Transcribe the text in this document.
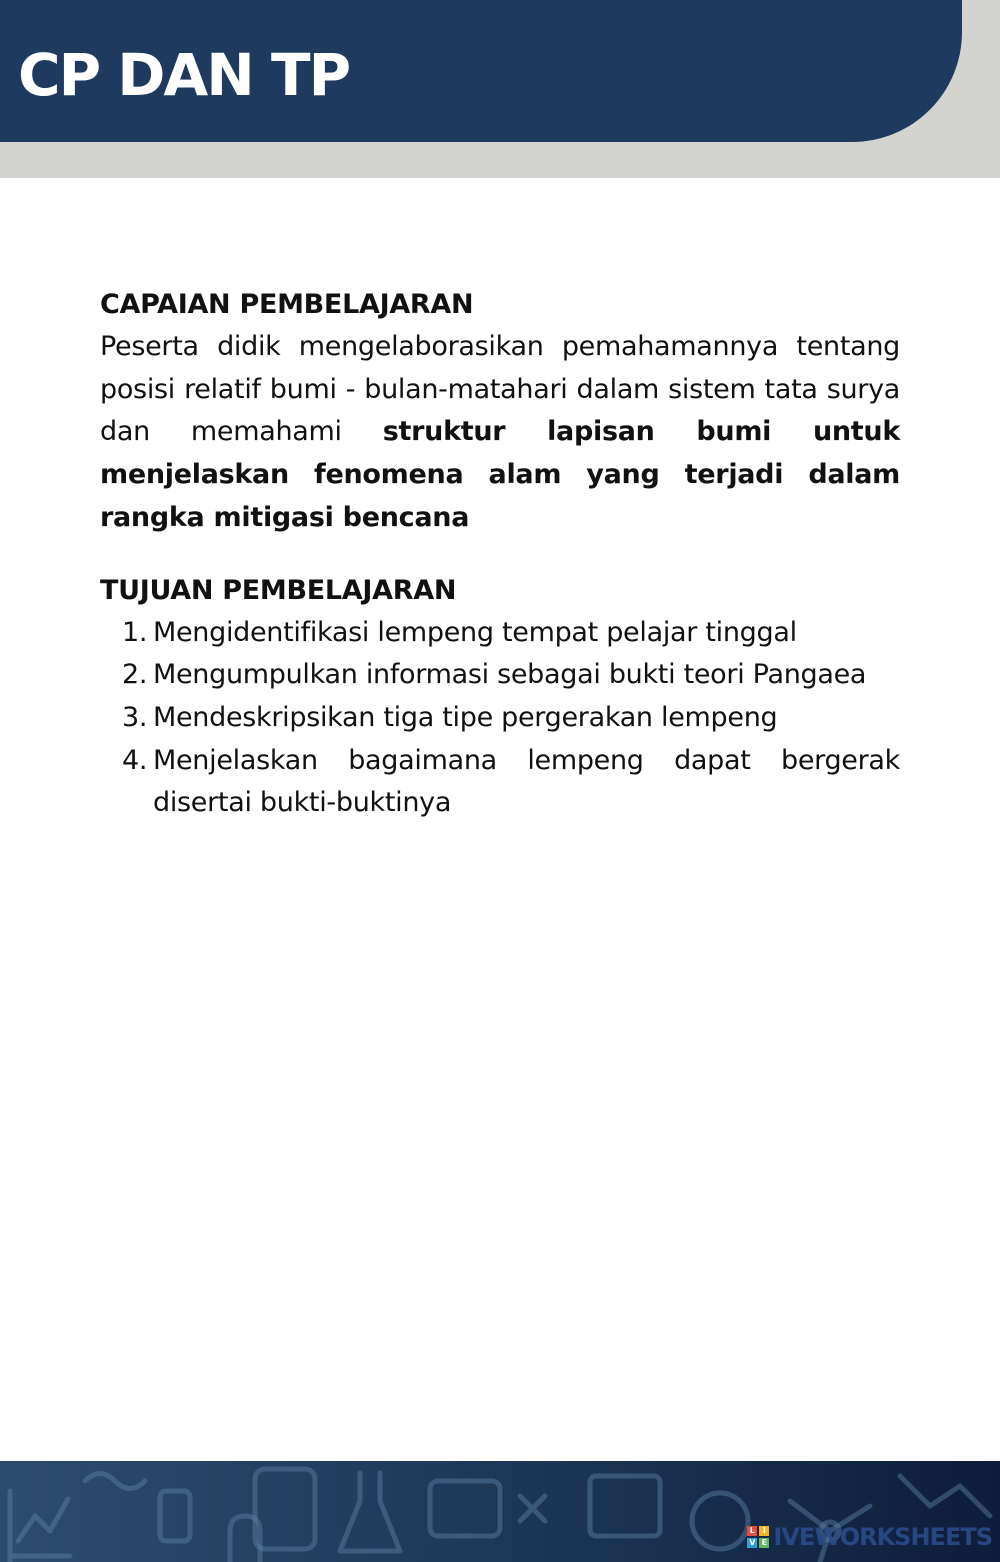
CP DAN TP
CAPAIAN PEMBELAJARAN

Peserta didik mengelaborasikan pemahamannya tentang posisi relatif bumi - bulan-matahari dalam sistem tata surya dan memahami struktur lapisan bumi untuk menjelaskan fenomena alam yang terjadi dalam rangka mitigasi bencana

TUJUAN PEMBELAJARAN
1. Mengidentifikasi lempeng tempat pelajar tinggal
2. Mengumpulkan informasi sebagai bukti teori Pangaea
3. Mendeskripsikan tiga tipe pergerakan lempeng
4. Menjelaskan bagaimana lempeng dapat bergerak disertai bukti-buktinya
L I
V E IVEWORKSHEETS
